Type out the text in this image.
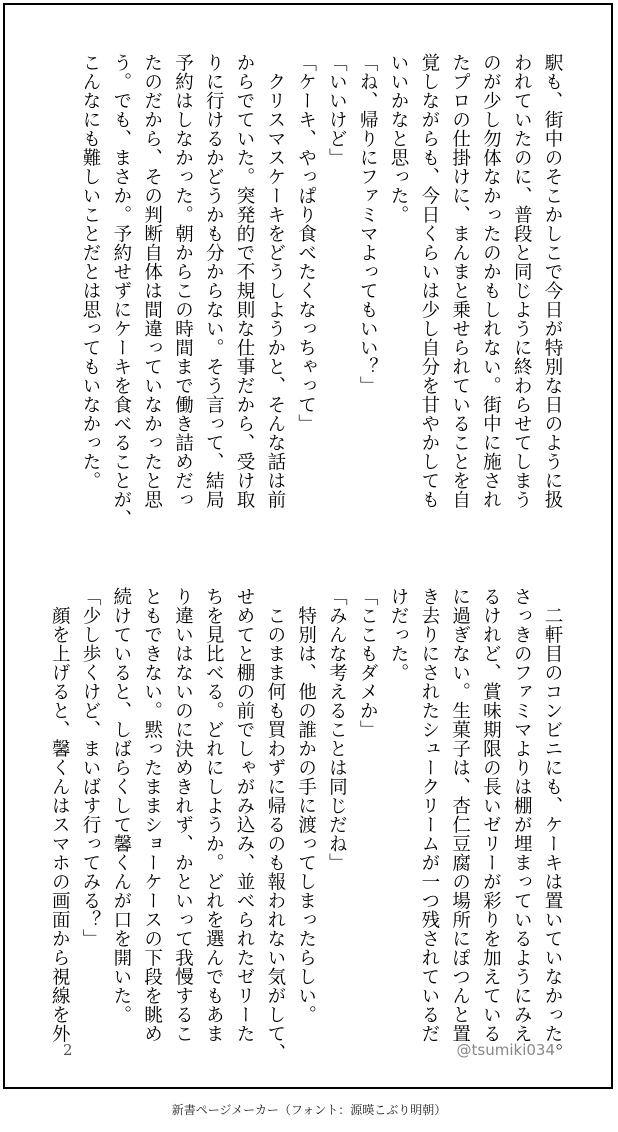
駅も、街中のそこかしこで今日が特別な日のように扱
われていたのに、普段と同じように終わらせてしまう
のが少し勿体なかったのかもしれない。街中に施され
たプロの仕掛けに、まんまと乗せられていることを自
覚しながらも、今日くらいは少し自分を甘やかしても
いいかなと思った。
「ね、帰りにファミマよってもいい？」
「いいけど」
「ケーキ、やっぱり食べたくなっちゃって」
　クリスマスケーキをどうしようかと、そんな話は前
からでていた。突発的で不規則な仕事だから、受け取
りに行けるかどうかも分からない。そう言って、結局
予約はしなかった。朝からこの時間まで働き詰めだっ
たのだから、その判断自体は間違っていなかったと思
う。でも、まさか。予約せずにケーキを食べることが、
こんなにも難しいことだとは思ってもいなかった。
　二軒目のコンビニにも、ケーキは置いていなかった。
さっきのファミマよりは棚が埋まっているようにみえ
るけれど、賞味期限の長いゼリーが彩りを加えている
に過ぎない。生菓子は、杏仁豆腐の場所にぽつんと置
き去りにされたシュークリームが一つ残されているだ
けだった。
「ここもダメか」
「みんな考えることは同じだね」
　特別は、他の誰かの手に渡ってしまったらしい。
　このまま何も買わずに帰るのも報われない気がして、
せめてと棚の前でしゃがみ込み、並べられたゼリーた
ちを見比べる。どれにしようか。どれを選んでもあま
り違いはないのに決めきれず、かといって我慢するこ
ともできない。黙ったままショーケースの下段を眺め
続けていると、しばらくして馨くんが口を開いた。
「少し歩くけど、まいばす行ってみる？」
　顔を上げると、馨くんはスマホの画面から視線を外
2	@tsumiki034
新書ページメーカー（フォント：源暎こぶり明朝）
